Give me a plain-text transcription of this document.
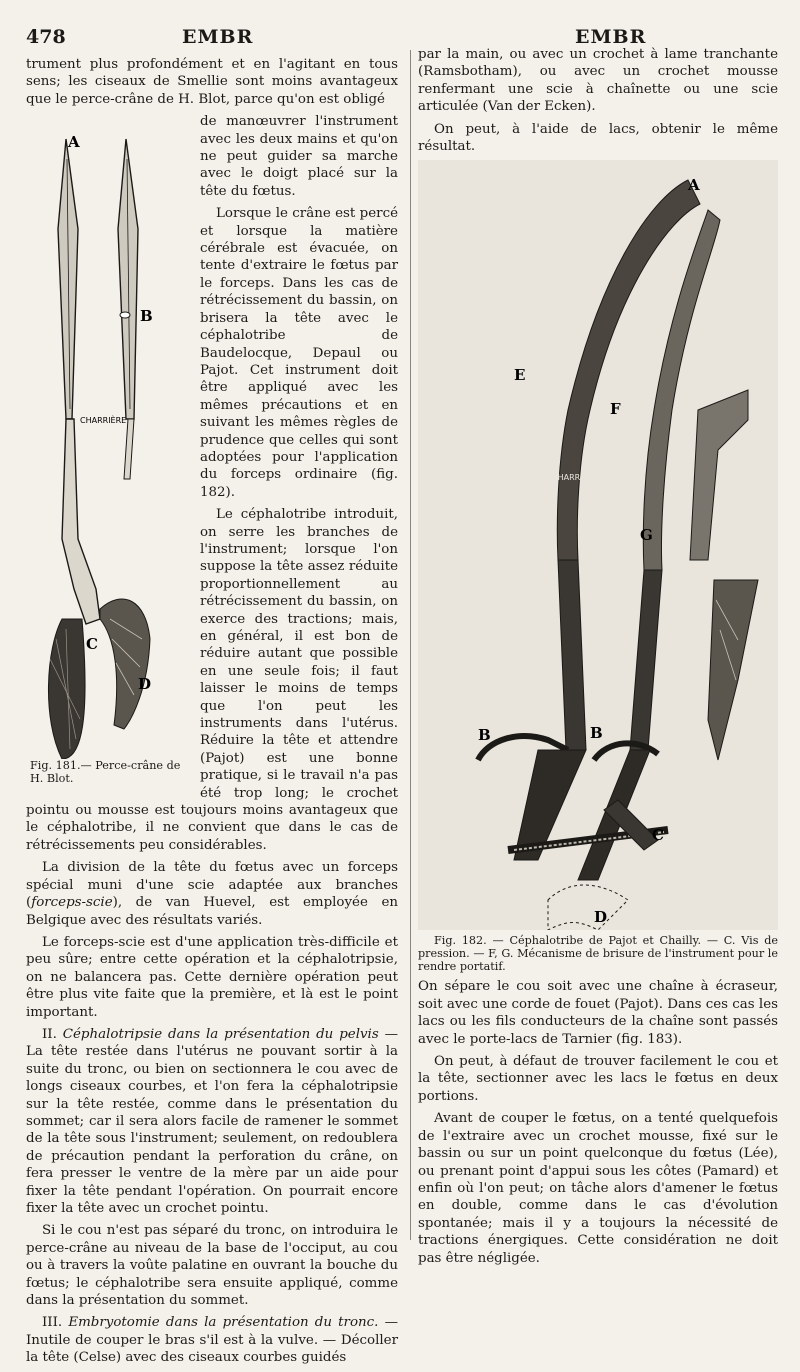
478	EMBR	EMBR

trument plus profondément et en l'agitant en tous sens; les ciseaux de Smellie sont moins avantageux que le perce-crâne de H. Blot, parce qu'on est obligé

A
B
C
D
CHARRIÈRE
Fig. 181.— Perce-crâne de H. Blot.

de manœuvrer l'instrument avec les deux mains et qu'on ne peut guider sa marche avec le doigt placé sur la tête du fœtus.

Lorsque le crâne est percé et lorsque la matière cérébrale est évacuée, on tente d'extraire le fœtus par le forceps. Dans les cas de rétrécissement du bassin, on brisera la tête avec le céphalotribe de Baudelocque, Depaul ou Pajot. Cet instrument doit être appliqué avec les mêmes précautions et en suivant les mêmes règles de prudence que celles qui sont adoptées pour l'application du forceps ordinaire (fig. 182).

Le céphalotribe introduit, on serre les branches de l'instrument; lorsque l'on suppose la tête assez réduite proportionnellement au rétrécissement du bassin, on exerce des tractions; mais, en général, il est bon de réduire autant que possible en une seule fois; il faut laisser le moins de temps que l'on peut les instruments dans l'utérus. Réduire la tête et attendre (Pajot) est une bonne pratique, si le travail n'a pas été trop long; le crochet pointu ou mousse est toujours moins avantageux que le céphalotribe, il ne convient que dans le cas de rétrécissements peu considérables.

La division de la tête du fœtus avec un forceps spécial muni d'une scie adaptée aux branches (forceps-scie), de van Huevel, est employée en Belgique avec des résultats variés.

Le forceps-scie est d'une application très-difficile et peu sûre; entre cette opération et la céphalotripsie, on ne balancera pas. Cette dernière opération peut être plus vite faite que la première, et là est le point important.

II. Céphalotripsie dans la présentation du pelvis — La tête restée dans l'utérus ne pouvant sortir à la suite du tronc, ou bien on sectionnera le cou avec de longs ciseaux courbes, et l'on fera la céphalotripsie sur la tête restée, comme dans le présentation du sommet; car il sera alors facile de ramener le sommet de la tête sous l'instrument; seulement, on redoublera de précaution pendant la perforation du crâne, on fera presser le ventre de la mère par un aide pour fixer la tête pendant l'opération. On pourrait encore fixer la tête avec un crochet pointu.

Si le cou n'est pas séparé du tronc, on introduira le perce-crâne au niveau de la base de l'occiput, au cou ou à travers la voûte palatine en ouvrant la bouche du fœtus; le céphalotribe sera ensuite appliqué, comme dans la présentation du sommet.

III. Embryotomie dans la présentation du tronc. — Inutile de couper le bras s'il est à la vulve. — Décoller la tête (Celse) avec des ciseaux courbes guidés

par la main, ou avec un crochet à lame tranchante (Ramsbotham), ou avec un crochet mousse renfermant une scie à chaînette ou une scie articulée (Van der Ecken).

On peut, à l'aide de lacs, obtenir le même résultat.

A
E
F
G
B	B
C
D
CHARRIÈRE

Fig. 182. — Céphalotribe de Pajot et Chailly. — C. Vis de pression. — F, G. Mécanisme de brisure de l'instrument pour le rendre portatif.

On sépare le cou soit avec une chaîne à écraseur, soit avec une corde de fouet (Pajot). Dans ces cas les lacs ou les fils conducteurs de la chaîne sont passés avec le porte-lacs de Tarnier (fig. 183).

On peut, à défaut de trouver facilement le cou et la tête, sectionner avec les lacs le fœtus en deux portions.

Avant de couper le fœtus, on a tenté quelquefois de l'extraire avec un crochet mousse, fixé sur le bassin ou sur un point quelconque du fœtus (Lée), ou prenant point d'appui sous les côtes (Pamard) et enfin où l'on peut; on tâche alors d'amener le fœtus en double, comme dans le cas d'évolution spontanée; mais il y a toujours la nécessité de tractions énergiques. Cette considération ne doit pas être négligée.
